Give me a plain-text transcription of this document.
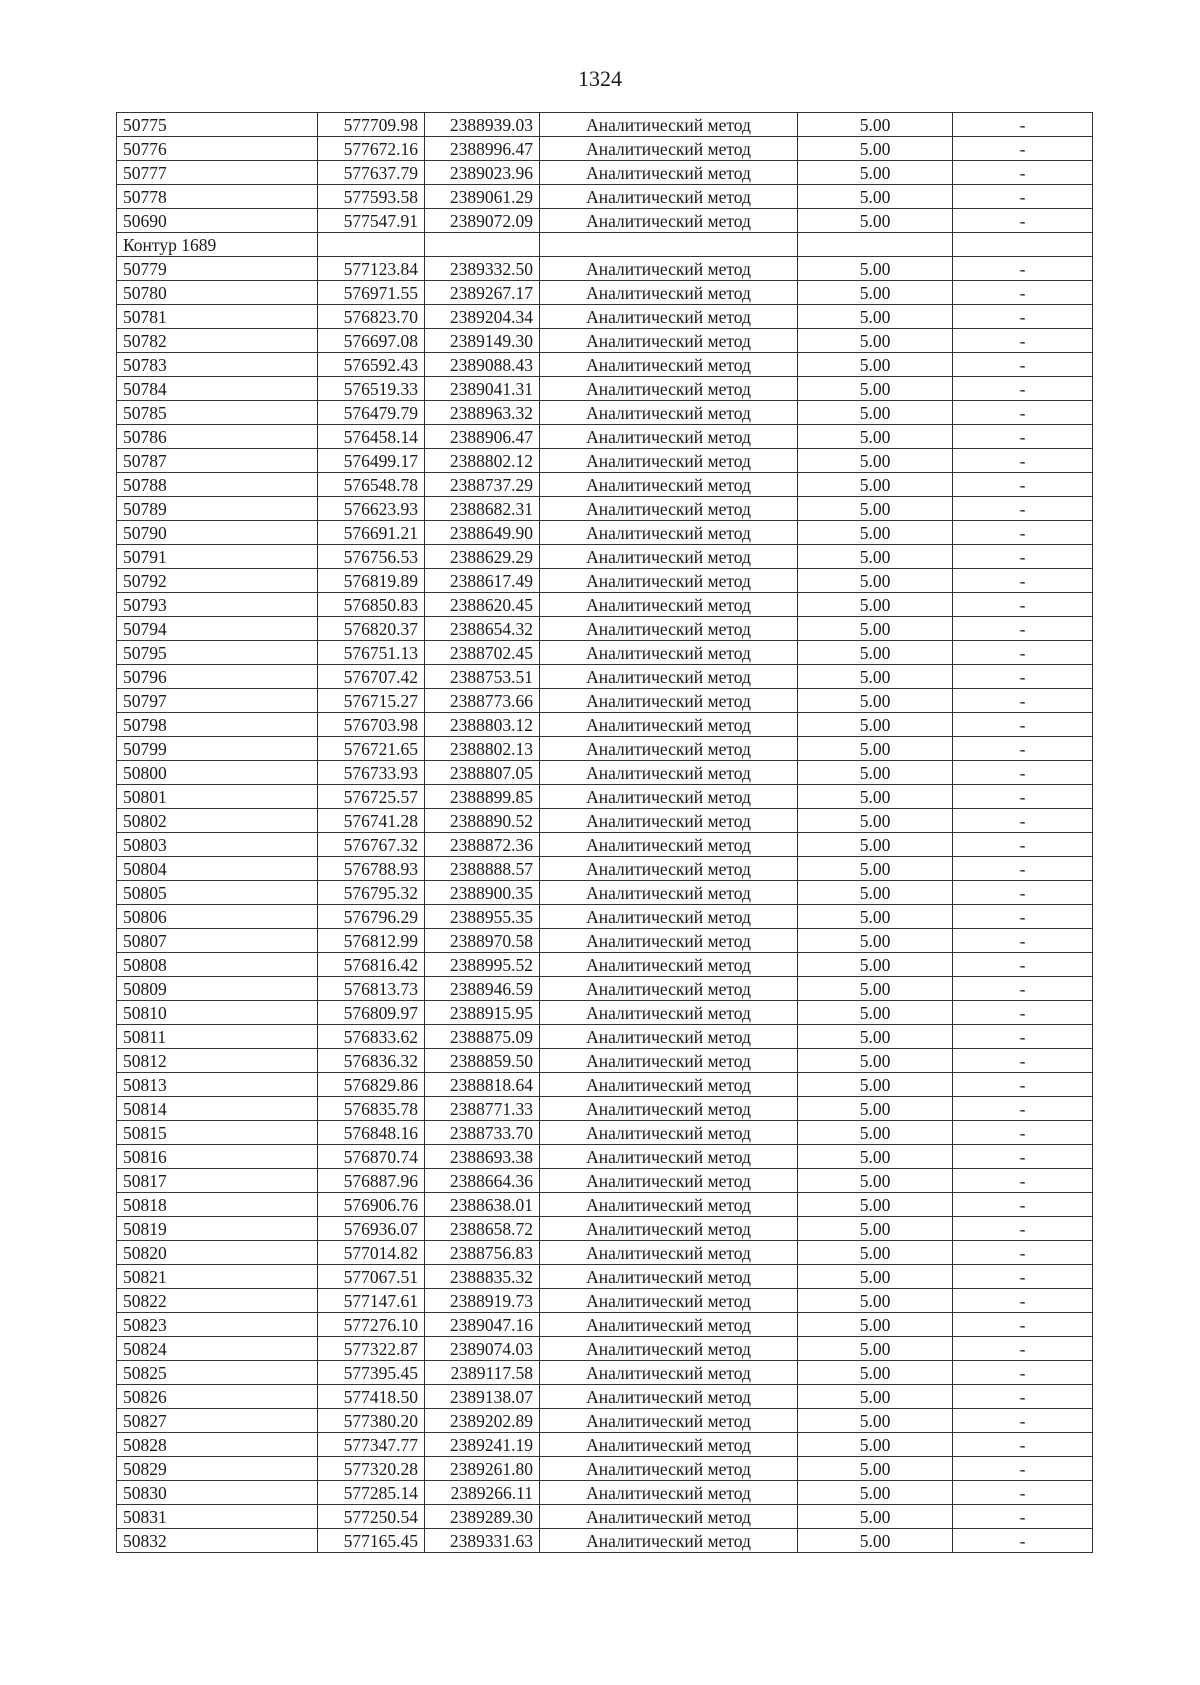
1324
50775	577709.98	2388939.03	Аналитический метод	5.00	-
50776	577672.16	2388996.47	Аналитический метод	5.00	-
50777	577637.79	2389023.96	Аналитический метод	5.00	-
50778	577593.58	2389061.29	Аналитический метод	5.00	-
50690	577547.91	2389072.09	Аналитический метод	5.00	-
Контур 1689					
50779	577123.84	2389332.50	Аналитический метод	5.00	-
50780	576971.55	2389267.17	Аналитический метод	5.00	-
50781	576823.70	2389204.34	Аналитический метод	5.00	-
50782	576697.08	2389149.30	Аналитический метод	5.00	-
50783	576592.43	2389088.43	Аналитический метод	5.00	-
50784	576519.33	2389041.31	Аналитический метод	5.00	-
50785	576479.79	2388963.32	Аналитический метод	5.00	-
50786	576458.14	2388906.47	Аналитический метод	5.00	-
50787	576499.17	2388802.12	Аналитический метод	5.00	-
50788	576548.78	2388737.29	Аналитический метод	5.00	-
50789	576623.93	2388682.31	Аналитический метод	5.00	-
50790	576691.21	2388649.90	Аналитический метод	5.00	-
50791	576756.53	2388629.29	Аналитический метод	5.00	-
50792	576819.89	2388617.49	Аналитический метод	5.00	-
50793	576850.83	2388620.45	Аналитический метод	5.00	-
50794	576820.37	2388654.32	Аналитический метод	5.00	-
50795	576751.13	2388702.45	Аналитический метод	5.00	-
50796	576707.42	2388753.51	Аналитический метод	5.00	-
50797	576715.27	2388773.66	Аналитический метод	5.00	-
50798	576703.98	2388803.12	Аналитический метод	5.00	-
50799	576721.65	2388802.13	Аналитический метод	5.00	-
50800	576733.93	2388807.05	Аналитический метод	5.00	-
50801	576725.57	2388899.85	Аналитический метод	5.00	-
50802	576741.28	2388890.52	Аналитический метод	5.00	-
50803	576767.32	2388872.36	Аналитический метод	5.00	-
50804	576788.93	2388888.57	Аналитический метод	5.00	-
50805	576795.32	2388900.35	Аналитический метод	5.00	-
50806	576796.29	2388955.35	Аналитический метод	5.00	-
50807	576812.99	2388970.58	Аналитический метод	5.00	-
50808	576816.42	2388995.52	Аналитический метод	5.00	-
50809	576813.73	2388946.59	Аналитический метод	5.00	-
50810	576809.97	2388915.95	Аналитический метод	5.00	-
50811	576833.62	2388875.09	Аналитический метод	5.00	-
50812	576836.32	2388859.50	Аналитический метод	5.00	-
50813	576829.86	2388818.64	Аналитический метод	5.00	-
50814	576835.78	2388771.33	Аналитический метод	5.00	-
50815	576848.16	2388733.70	Аналитический метод	5.00	-
50816	576870.74	2388693.38	Аналитический метод	5.00	-
50817	576887.96	2388664.36	Аналитический метод	5.00	-
50818	576906.76	2388638.01	Аналитический метод	5.00	-
50819	576936.07	2388658.72	Аналитический метод	5.00	-
50820	577014.82	2388756.83	Аналитический метод	5.00	-
50821	577067.51	2388835.32	Аналитический метод	5.00	-
50822	577147.61	2388919.73	Аналитический метод	5.00	-
50823	577276.10	2389047.16	Аналитический метод	5.00	-
50824	577322.87	2389074.03	Аналитический метод	5.00	-
50825	577395.45	2389117.58	Аналитический метод	5.00	-
50826	577418.50	2389138.07	Аналитический метод	5.00	-
50827	577380.20	2389202.89	Аналитический метод	5.00	-
50828	577347.77	2389241.19	Аналитический метод	5.00	-
50829	577320.28	2389261.80	Аналитический метод	5.00	-
50830	577285.14	2389266.11	Аналитический метод	5.00	-
50831	577250.54	2389289.30	Аналитический метод	5.00	-
50832	577165.45	2389331.63	Аналитический метод	5.00	-
